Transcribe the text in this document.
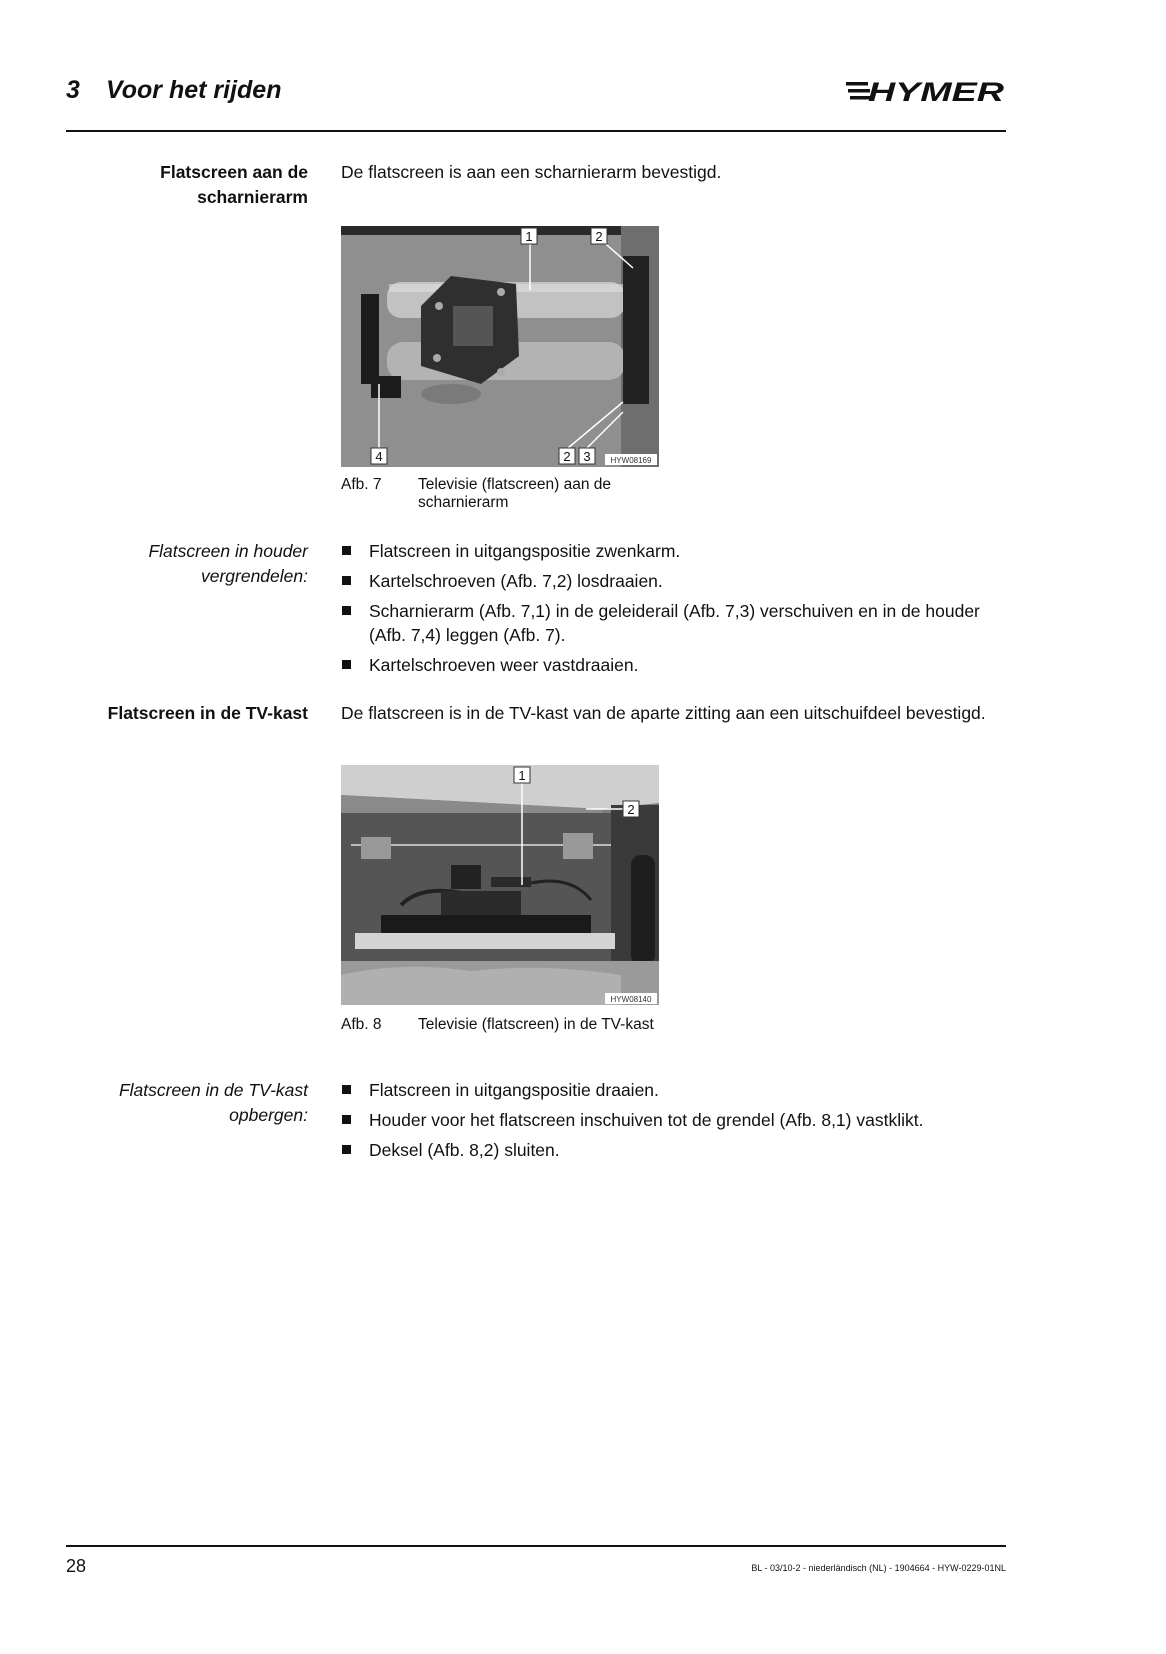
3 Voor het rijden	HYMER
Flatscreen aan de
scharnierarm
De flatscreen is aan een scharnierarm bevestigd.
1	2
4	2 3 HYW08169
Afb. 7 Televisie (flatscreen) aan de scharnierarm
Flatscreen in houder
vergrendelen:
Flatscreen in uitgangspositie zwenkarm.
Kartelschroeven (Afb. 7,2) losdraaien.
Scharnierarm (Afb. 7,1) in de geleiderail (Afb. 7,3) verschuiven en in de houder (Afb. 7,4) leggen (Afb. 7).
Kartelschroeven weer vastdraaien.
Flatscreen in de TV-kast De flatscreen is in de TV-kast van de aparte zitting aan een uitschuifdeel bevestigd.
1
2
HYW08140
Afb. 8 Televisie (flatscreen) in de TV-kast
Flatscreen in de TV-kast
opbergen:
Flatscreen in uitgangspositie draaien.
Houder voor het flatscreen inschuiven tot de grendel (Afb. 8,1) vastklikt.
Deksel (Afb. 8,2) sluiten.
28	BL - 03/10-2 - niederländisch (NL) - 1904664 - HYW-0229-01NL
